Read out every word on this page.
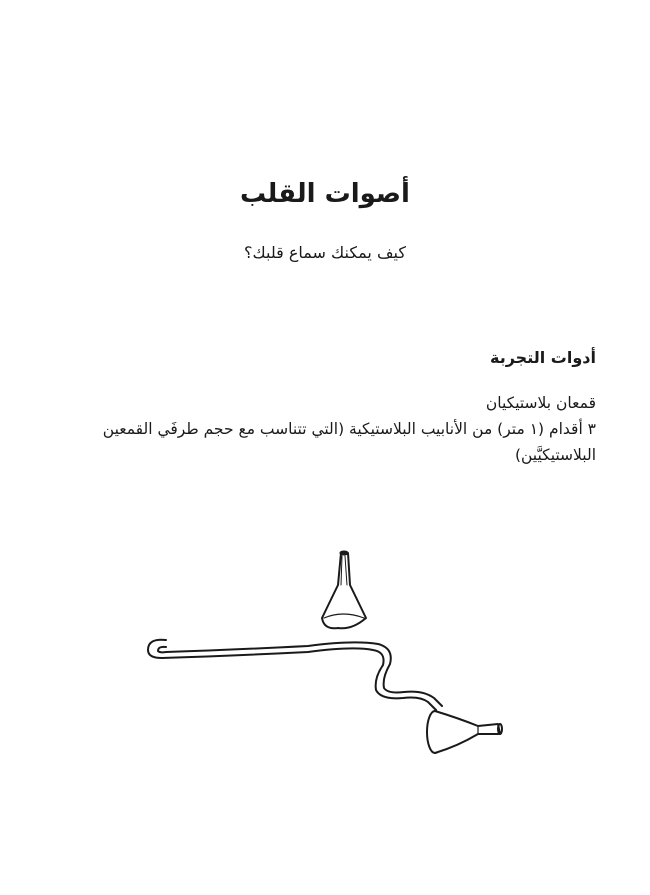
أصوات القلب

كيف يمكنك سماع قلبك؟

أدوات التجربة
قمعان بلاستيكيان
٣ أقدام (١ متر) من الأنابيب البلاستيكية (التي تتناسب مع حجم طرفَي القمعين البلاستيكيَّين)
